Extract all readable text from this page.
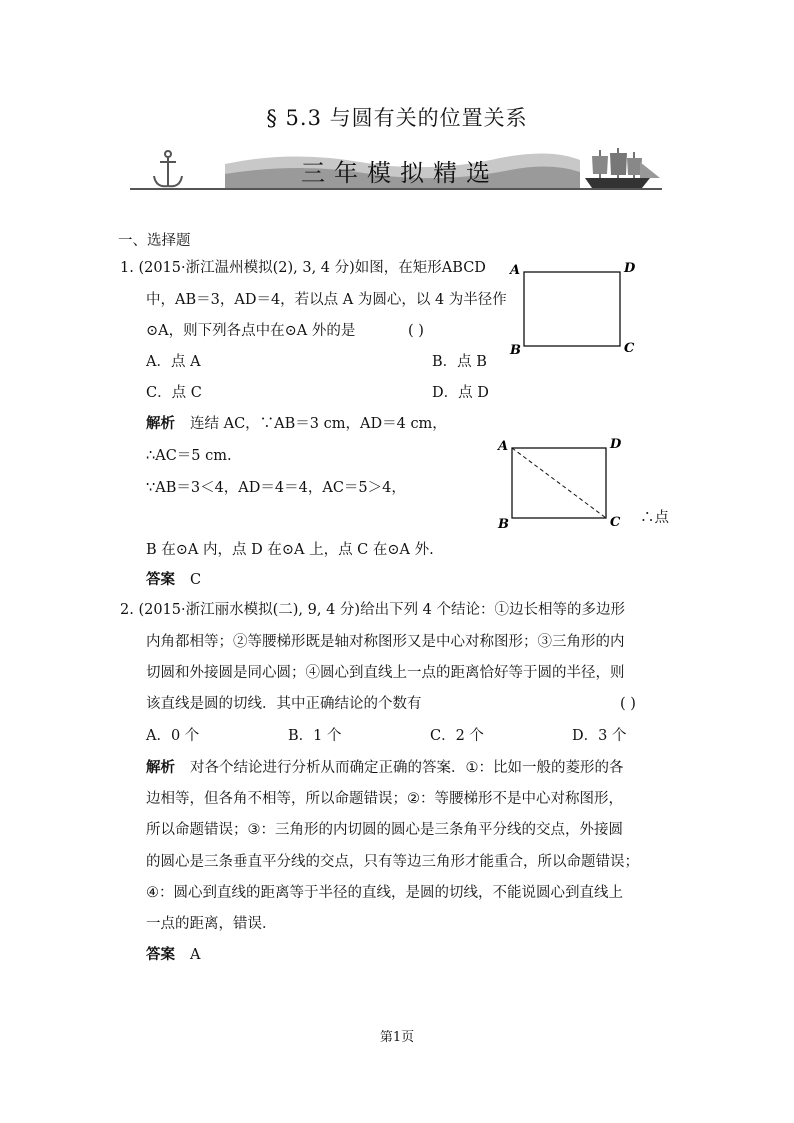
§ 5.3 与圆有关的位置关系
三年模拟精选
一、选择题
1. (2015·浙江温州模拟(2), 3, 4 分)如图，在矩形ABCD
中，AB＝3，AD＝4，若以点 A 为圆心，以 4 为半径作
⊙A，则下列各点中在⊙A 外的是	( )
A．点 A	B．点 B
C．点 C	D．点 D
A	D
B	C
解析 连结 AC，∵AB＝3 cm，AD＝4 cm，
∴AC＝5 cm.
∵AB＝3＜4，AD＝4＝4，AC＝5＞4，
∴点
B 在⊙A 内，点 D 在⊙A 上，点 C 在⊙A 外.
A	D
B	C
答案 C
2. (2015·浙江丽水模拟(二), 9, 4 分)给出下列 4 个结论：①边长相等的多边形
内角都相等；②等腰梯形既是轴对称图形又是中心对称图形；③三角形的内
切圆和外接圆是同心圆；④圆心到直线上一点的距离恰好等于圆的半径，则
该直线是圆的切线．其中正确结论的个数有	( )
A．0 个	B．1 个	C．2 个	D．3 个
解析 对各个结论进行分析从而确定正确的答案．①：比如一般的菱形的各
边相等，但各角不相等，所以命题错误；②：等腰梯形不是中心对称图形，
所以命题错误；③：三角形的内切圆的圆心是三条角平分线的交点，外接圆
的圆心是三条垂直平分线的交点，只有等边三角形才能重合，所以命题错误；
④：圆心到直线的距离等于半径的直线，是圆的切线，不能说圆心到直线上
一点的距离，错误．
答案 A
第1页
